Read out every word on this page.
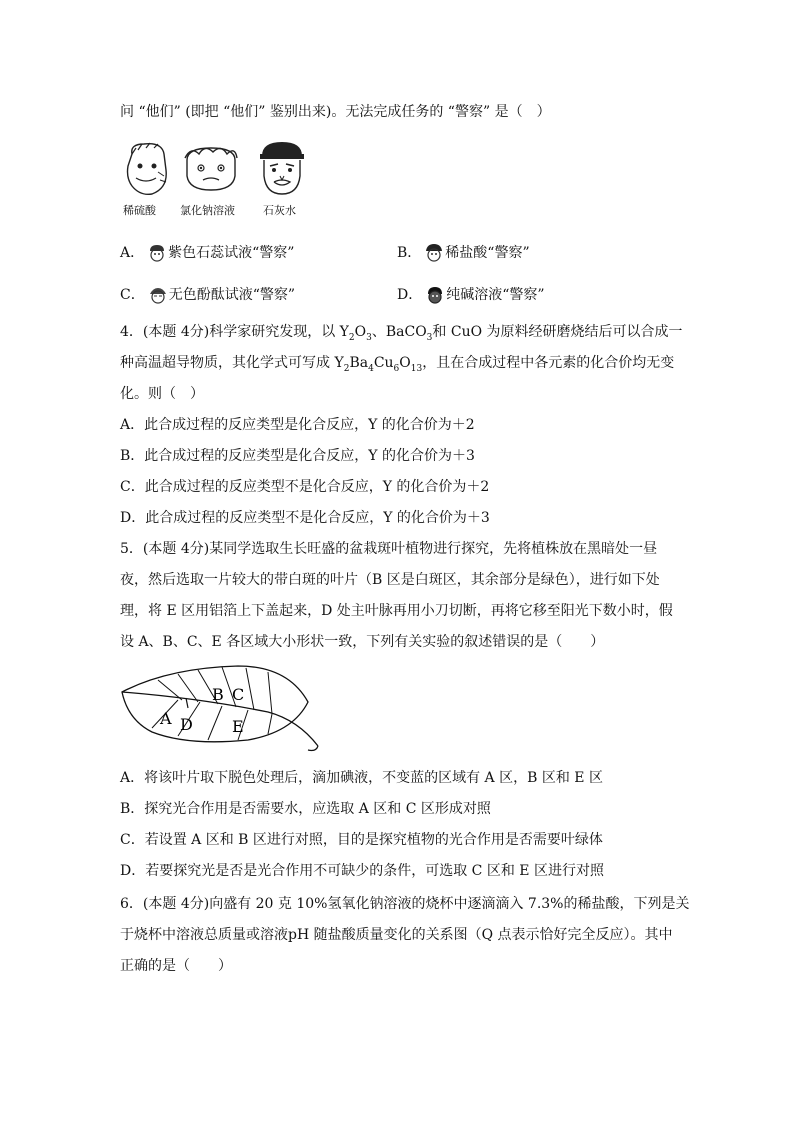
问 “他们” (即把 “他们” 鉴别出来)。无法完成任务的 “警察” 是（　）
稀硫酸 氯化钠溶液	石灰水
A． 紫色石蕊试液“警察”	B． 稀盐酸“警察”
C． 无色酚酞试液“警察”	D． 纯碱溶液“警察”
4．(本题 4分)科学家研究发现，以 $Y_2O_3$、BaCO$_3$和 CuO 为原料经研磨烧结后可以合成一
种高温超导物质，其化学式可写成 $Y_2Ba_4Cu_6O_{13}$，且在合成过程中各元素的化合价均无变
化。则（　）
A．此合成过程的反应类型是化合反应，Y 的化合价为＋2
B．此合成过程的反应类型是化合反应，Y 的化合价为＋3
C．此合成过程的反应类型不是化合反应，Y 的化合价为＋2
D．此合成过程的反应类型不是化合反应，Y 的化合价为＋3
5．(本题 4分)某同学选取生长旺盛的盆栽斑叶植物进行探究，先将植株放在黑暗处一昼
夜，然后选取一片较大的带白斑的叶片（B 区是白斑区，其余部分是绿色），进行如下处
理，将 E 区用铝箔上下盖起来，D 处主叶脉再用小刀切断，再将它移至阳光下数小时，假
设 A、B、C、E 各区域大小形状一致，下列有关实验的叙述错误的是（　　）
A D
B C
E
A．将该叶片取下脱色处理后，滴加碘液，不变蓝的区域有 A 区，B 区和 E 区
B．探究光合作用是否需要水，应选取 A 区和 C 区形成对照
C．若设置 A 区和 B 区进行对照，目的是探究植物的光合作用是否需要叶绿体
D．若要探究光是否是光合作用不可缺少的条件，可选取 C 区和 E 区进行对照
6．(本题 4分)向盛有 20 克 10%氢氧化钠溶液的烧杯中逐滴滴入 7.3%的稀盐酸，下列是关
于烧杯中溶液总质量或溶液pH 随盐酸质量变化的关系图（Q 点表示恰好完全反应）。其中
正确的是（　　）
